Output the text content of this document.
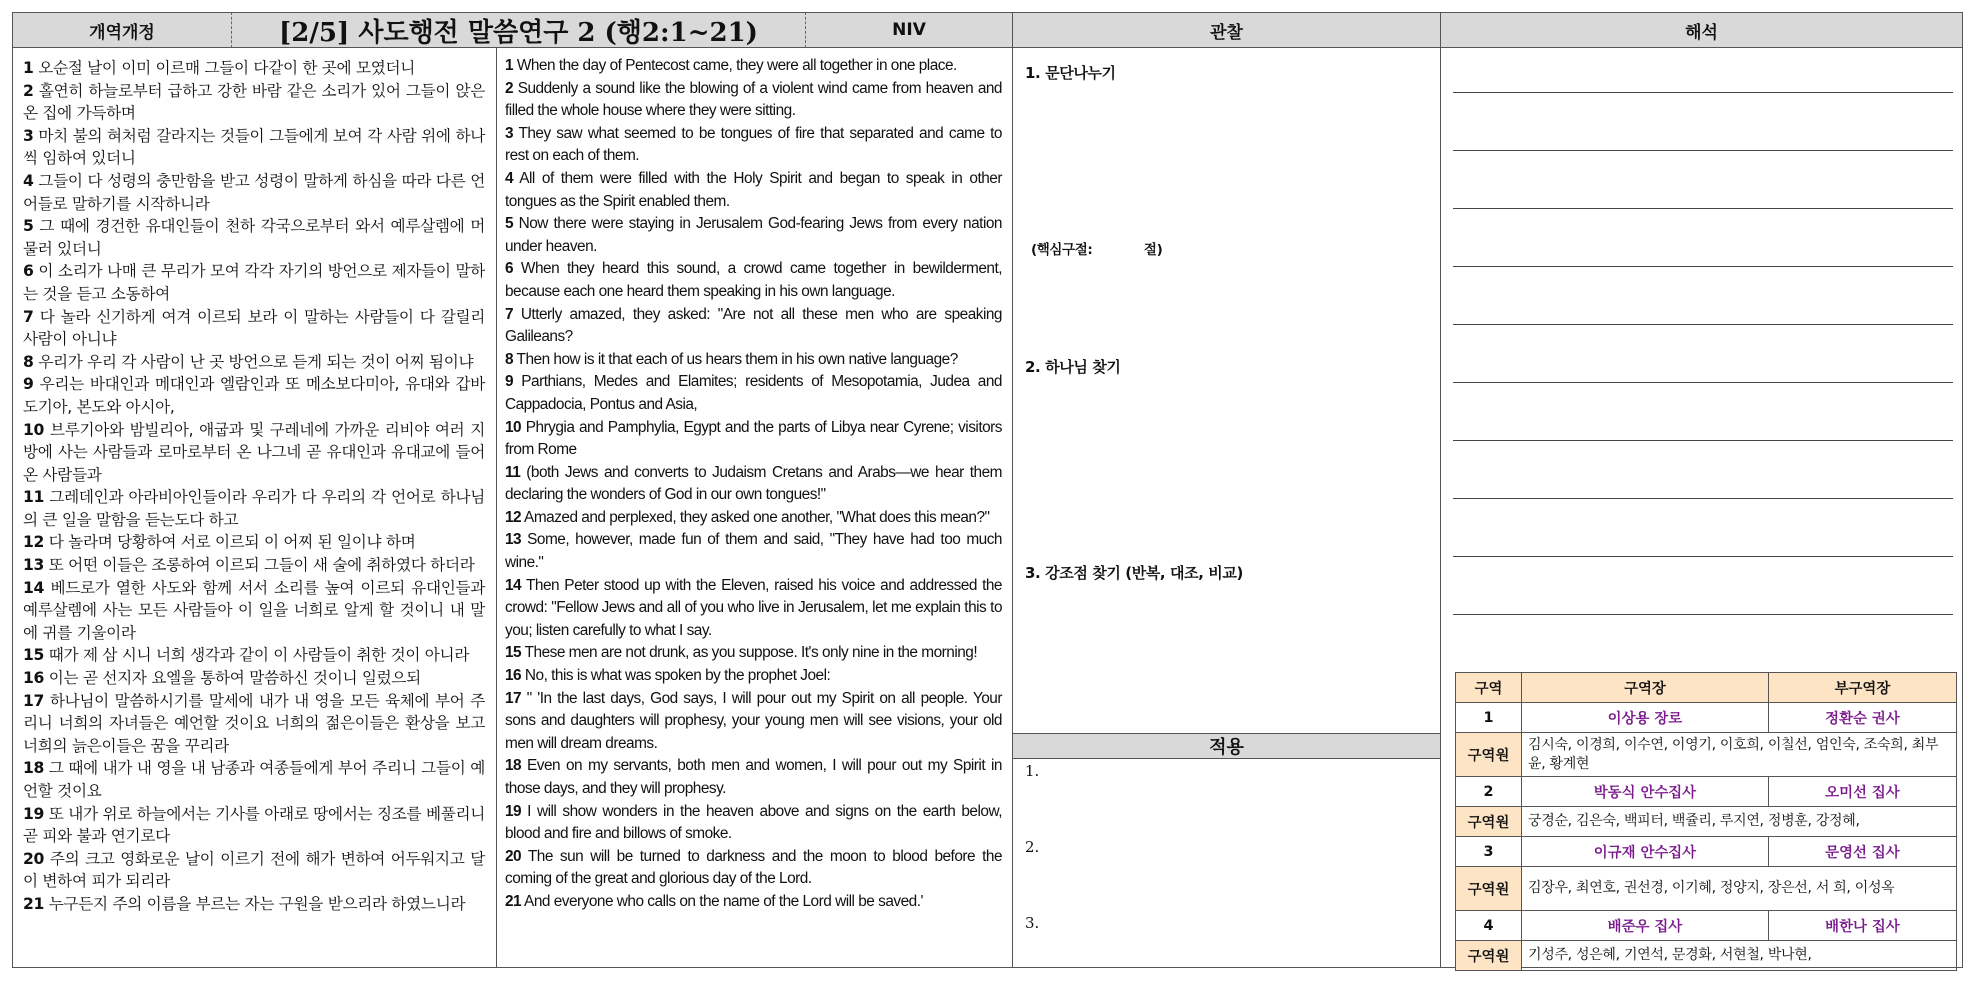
개역개정	[2/5] 사도행전 말씀연구 2 (행2:1~21)	NIV	관찰	해석
1 오순절 날이 이미 이르매 그들이 다같이 한 곳에 모였더니
2 홀연히 하늘로부터 급하고 강한 바람 같은 소리가 있어 그들이 앉은 온 집에 가득하며
3 마치 불의 혀처럼 갈라지는 것들이 그들에게 보여 각 사람 위에 하나씩 임하여 있더니
4 그들이 다 성령의 충만함을 받고 성령이 말하게 하심을 따라 다른 언어들로 말하기를 시작하니라
5 그 때에 경건한 유대인들이 천하 각국으로부터 와서 예루살렘에 머물러 있더니
6 이 소리가 나매 큰 무리가 모여 각각 자기의 방언으로 제자들이 말하는 것을 듣고 소동하여
7 다 놀라 신기하게 여겨 이르되 보라 이 말하는 사람들이 다 갈릴리 사람이 아니냐
8 우리가 우리 각 사람이 난 곳 방언으로 듣게 되는 것이 어찌 됨이냐
9 우리는 바대인과 메대인과 엘람인과 또 메소보다미아, 유대와 갑바도기아, 본도와 아시아,
10 브루기아와 밤빌리아, 애굽과 및 구레네에 가까운 리비야 여러 지방에 사는 사람들과 로마로부터 온 나그네 곧 유대인과 유대교에 들어온 사람들과
11 그레데인과 아라비아인들이라 우리가 다 우리의 각 언어로 하나님의 큰 일을 말함을 듣는도다 하고
12 다 놀라며 당황하여 서로 이르되 이 어찌 된 일이냐 하며
13 또 어떤 이들은 조롱하여 이르되 그들이 새 술에 취하였다 하더라
14 베드로가 열한 사도와 함께 서서 소리를 높여 이르되 유대인들과 예루살렘에 사는 모든 사람들아 이 일을 너희로 알게 할 것이니 내 말에 귀를 기울이라
15 때가 제 삼 시니 너희 생각과 같이 이 사람들이 취한 것이 아니라
16 이는 곧 선지자 요엘을 통하여 말씀하신 것이니 일렀으되
17 하나님이 말씀하시기를 말세에 내가 내 영을 모든 육체에 부어 주리니 너희의 자녀들은 예언할 것이요 너희의 젊은이들은 환상을 보고 너희의 늙은이들은 꿈을 꾸리라
18 그 때에 내가 내 영을 내 남종과 여종들에게 부어 주리니 그들이 예언할 것이요
19 또 내가 위로 하늘에서는 기사를 아래로 땅에서는 징조를 베풀리니 곧 피와 불과 연기로다
20 주의 크고 영화로운 날이 이르기 전에 해가 변하여 어두워지고 달이 변하여 피가 되리라
21 누구든지 주의 이름을 부르는 자는 구원을 받으리라 하였느니라
1 When the day of Pentecost came, they were all together in one place.
2 Suddenly a sound like the blowing of a violent wind came from heaven and filled the whole house where they were sitting.
3 They saw what seemed to be tongues of fire that separated and came to rest on each of them.
4 All of them were filled with the Holy Spirit and began to speak in other tongues as the Spirit enabled them.
5 Now there were staying in Jerusalem God-fearing Jews from every nation under heaven.
6 When they heard this sound, a crowd came together in bewilderment, because each one heard them speaking in his own language.
7 Utterly amazed, they asked: "Are not all these men who are speaking Galileans?
8 Then how is it that each of us hears them in his own native language?
9 Parthians, Medes and Elamites; residents of Mesopotamia, Judea and Cappadocia, Pontus and Asia,
10 Phrygia and Pamphylia, Egypt and the parts of Libya near Cyrene; visitors from Rome
11 (both Jews and converts to Judaism Cretans and Arabs—we hear them declaring the wonders of God in our own tongues!"
12 Amazed and perplexed, they asked one another, "What does this mean?"
13 Some, however, made fun of them and said, "They have had too much wine."
14 Then Peter stood up with the Eleven, raised his voice and addressed the crowd: "Fellow Jews and all of you who live in Jerusalem, let me explain this to you; listen carefully to what I say.
15 These men are not drunk, as you suppose. It's only nine in the morning!
16 No, this is what was spoken by the prophet Joel:
17 " 'In the last days, God says, I will pour out my Spirit on all people. Your sons and daughters will prophesy, your young men will see visions, your old men will dream dreams.
18 Even on my servants, both men and women, I will pour out my Spirit in those days, and they will prophesy.
19 I will show wonders in the heaven above and signs on the earth below, blood and fire and billows of smoke.
20 The sun will be turned to darkness and the moon to blood before the coming of the great and glorious day of the Lord.
21 And everyone who calls on the name of the Lord will be saved.'
1. 문단나누기
(핵심구절:            절)
2. 하나님 찾기
3. 강조점 찾기 (반복, 대조, 비교)
적용
1.
2.
3.
구역	구역장	부구역장
1	이상용 장로	정환순 권사
구역원	김시숙, 이경희, 이수연, 이영기, 이호희, 이칠선, 엄인숙, 조숙희, 최부윤, 황계현	
2	박동식 안수집사	오미선 집사
구역원	궁경순, 김은숙, 백피터, 백쥴리, 루지연, 정병훈, 강정혜,	
3	이규재 안수집사	문영선 집사
구역원	김장우, 최연호, 권선경, 이기혜, 정양지, 장은선, 서 희, 이성옥	
4	배준우 집사	배한나 집사
구역원	기성주, 성은혜, 기연석, 문경화, 서현철, 박나현,	
